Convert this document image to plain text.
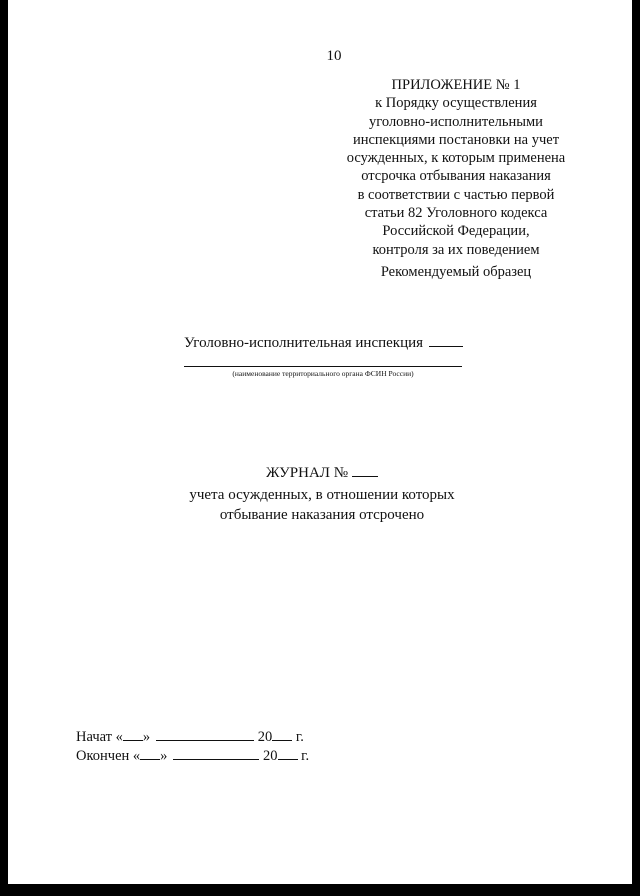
10
ПРИЛОЖЕНИЕ № 1
к Порядку осуществления
уголовно-исполнительными
инспекциями постановки на учет
осужденных, к которым применена
отсрочка отбывания наказания
в соответствии с частью первой
статьи 82 Уголовного кодекса
Российской Федерации,
контроля за их поведением
Рекомендуемый образец
Уголовно-исполнительная инспекция
(наименование территориального органа ФСИН России)
ЖУРНАЛ №
учета осужденных, в отношении которых
отбывание наказания отсрочено
Начат « »	20 г.
Окончен « »	20 г.
